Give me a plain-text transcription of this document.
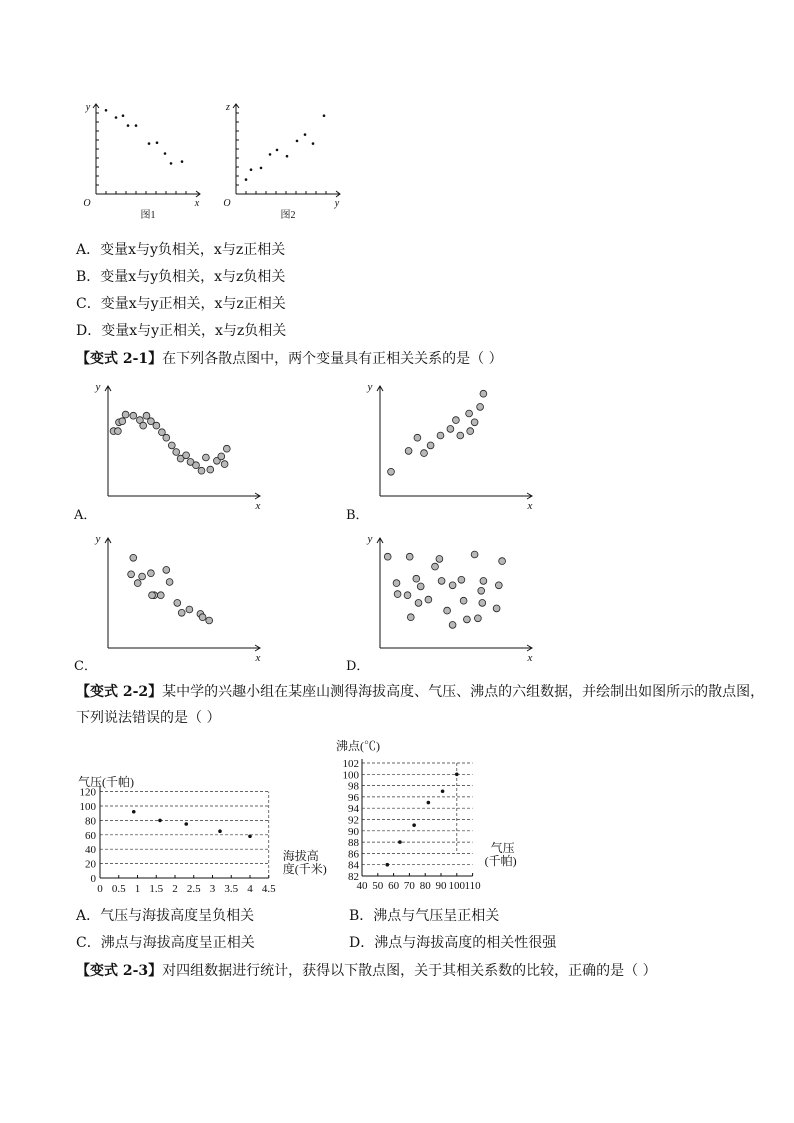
y
x
O
图1
z
y
O
图2
A．变量x与y负相关，x与z正相关
B．变量x与y负相关，x与z负相关
C．变量x与y正相关，x与z正相关
D．变量x与y正相关，x与z负相关
【变式 2-1】在下列各散点图中，两个变量具有正相关关系的是（ ）
y
x
A．
y
x
B．
y
x
C．
y
x
D．
【变式 2-2】某中学的兴趣小组在某座山测得海拔高度、气压、沸点的六组数据，并绘制出如图所示的散点图，
下列说法错误的是（ ）
0
20
40
60
80
100
120
0 0.5 1 1.5 2 2.5 3 3.5 4 4.5
气压(千帕)
海拔高
度(千米)
82
84
86
88
90
92
94
96
98
100
102
40 50 60 70 80 90 100 110
沸点(℃)
气压
(千帕)
A．气压与海拔高度呈负相关	B．沸点与气压呈正相关
C．沸点与海拔高度呈正相关	D．沸点与海拔高度的相关性很强
【变式 2-3】对四组数据进行统计，获得以下散点图，关于其相关系数的比较，正确的是（ ）
